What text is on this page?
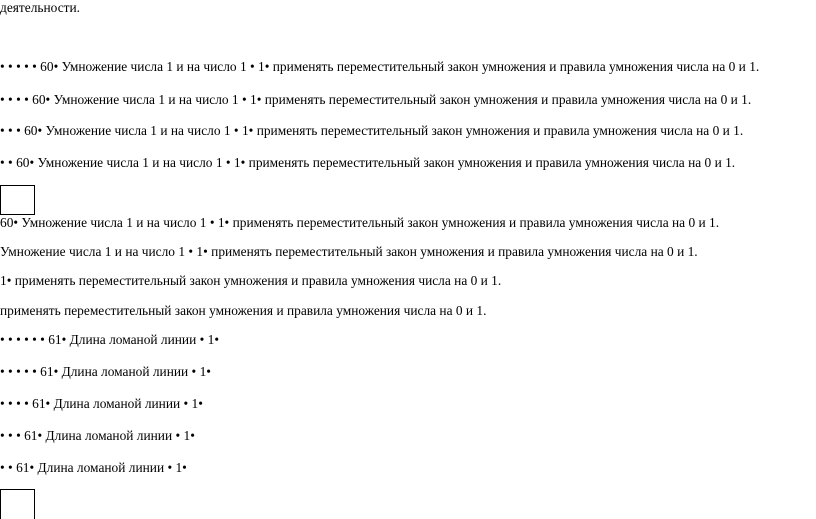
деятельности.
• • • • • 60• Умножение числа 1 и на число 1 • 1• применять переместительный закон умножения и правила умножения числа на 0 и 1.
• • • • 60• Умножение числа 1 и на число 1 • 1• применять переместительный закон умножения и правила умножения числа на 0 и 1.
• • • 60• Умножение числа 1 и на число 1 • 1• применять переместительный закон умножения и правила умножения числа на 0 и 1.
• • 60• Умножение числа 1 и на число 1 • 1• применять переместительный закон умножения и правила умножения числа на 0 и 1.
60• Умножение числа 1 и на число 1 • 1• применять переместительный закон умножения и правила умножения числа на 0 и 1.
Умножение числа 1 и на число 1 • 1• применять переместительный закон умножения и правила умножения числа на 0 и 1.
1• применять переместительный закон умножения и правила умножения числа на 0 и 1.
применять переместительный закон умножения и правила умножения числа на 0 и 1.
• • • • • • 61• Длина ломаной линии • 1•
• • • • • 61• Длина ломаной линии • 1•
• • • • 61• Длина ломаной линии • 1•
• • • 61• Длина ломаной линии • 1•
• • 61• Длина ломаной линии • 1•
